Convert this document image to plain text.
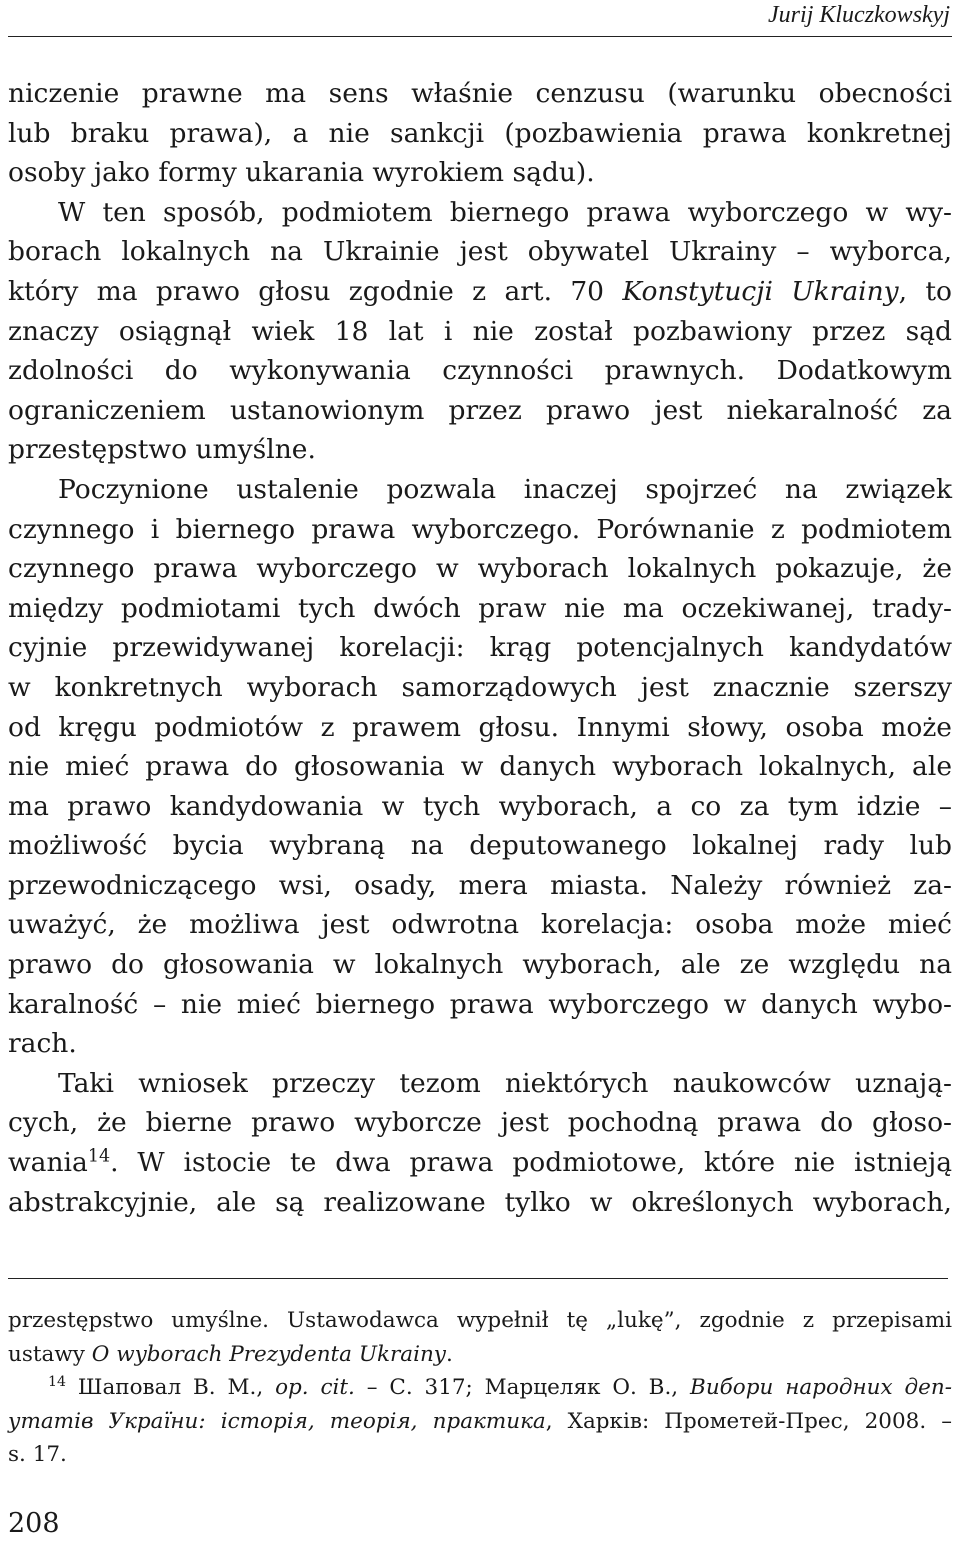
Jurij Kluczkowskyj
niczenie prawne ma sens właśnie cenzusu (warunku obecności
lub braku prawa), a nie sankcji (pozbawienia prawa konkretnej
osoby jako formy ukarania wyrokiem sądu).
W ten sposób, podmiotem biernego prawa wyborczego w wy-
borach lokalnych na Ukrainie jest obywatel Ukrainy – wyborca,
który ma prawo głosu zgodnie z art. 70 Konstytucji Ukrainy, to
znaczy osiągnął wiek 18 lat i nie został pozbawiony przez sąd
zdolności do wykonywania czynności prawnych. Dodatkowym
ograniczeniem ustanowionym przez prawo jest niekaralność za
przestępstwo umyślne.
Poczynione ustalenie pozwala inaczej spojrzeć na związek
czynnego i biernego prawa wyborczego. Porównanie z podmiotem
czynnego prawa wyborczego w wyborach lokalnych pokazuje, że
między podmiotami tych dwóch praw nie ma oczekiwanej, trady-
cyjnie przewidywanej korelacji: krąg potencjalnych kandydatów
w konkretnych wyborach samorządowych jest znacznie szerszy
od kręgu podmiotów z prawem głosu. Innymi słowy, osoba może
nie mieć prawa do głosowania w danych wyborach lokalnych, ale
ma prawo kandydowania w tych wyborach, a co za tym idzie –
możliwość bycia wybraną na deputowanego lokalnej rady lub
przewodniczącego wsi, osady, mera miasta. Należy również za-
uważyć, że możliwa jest odwrotna korelacja: osoba może mieć
prawo do głosowania w lokalnych wyborach, ale ze względu na
karalność – nie mieć biernego prawa wyborczego w danych wybo-
rach.
Taki wniosek przeczy tezom niektórych naukowców uznają-
cych, że bierne prawo wyborcze jest pochodną prawa do głoso-
wania$^{14}$. W istocie te dwa prawa podmiotowe, które nie istnieją
abstrakcyjnie, ale są realizowane tylko w określonych wyborach,
przestępstwo umyślne. Ustawodawca wypełnił tę „lukę”, zgodnie z przepisami
ustawy O wyborach Prezydenta Ukrainy.
$^{14}$ Шаповал В. М., op. cit. – С. 317; Марцеляк О. В., Вибори народних деп-
утатів України: історія, теорія, практика, Харків: Прометей-Прес, 2008. –
s. 17.
208
